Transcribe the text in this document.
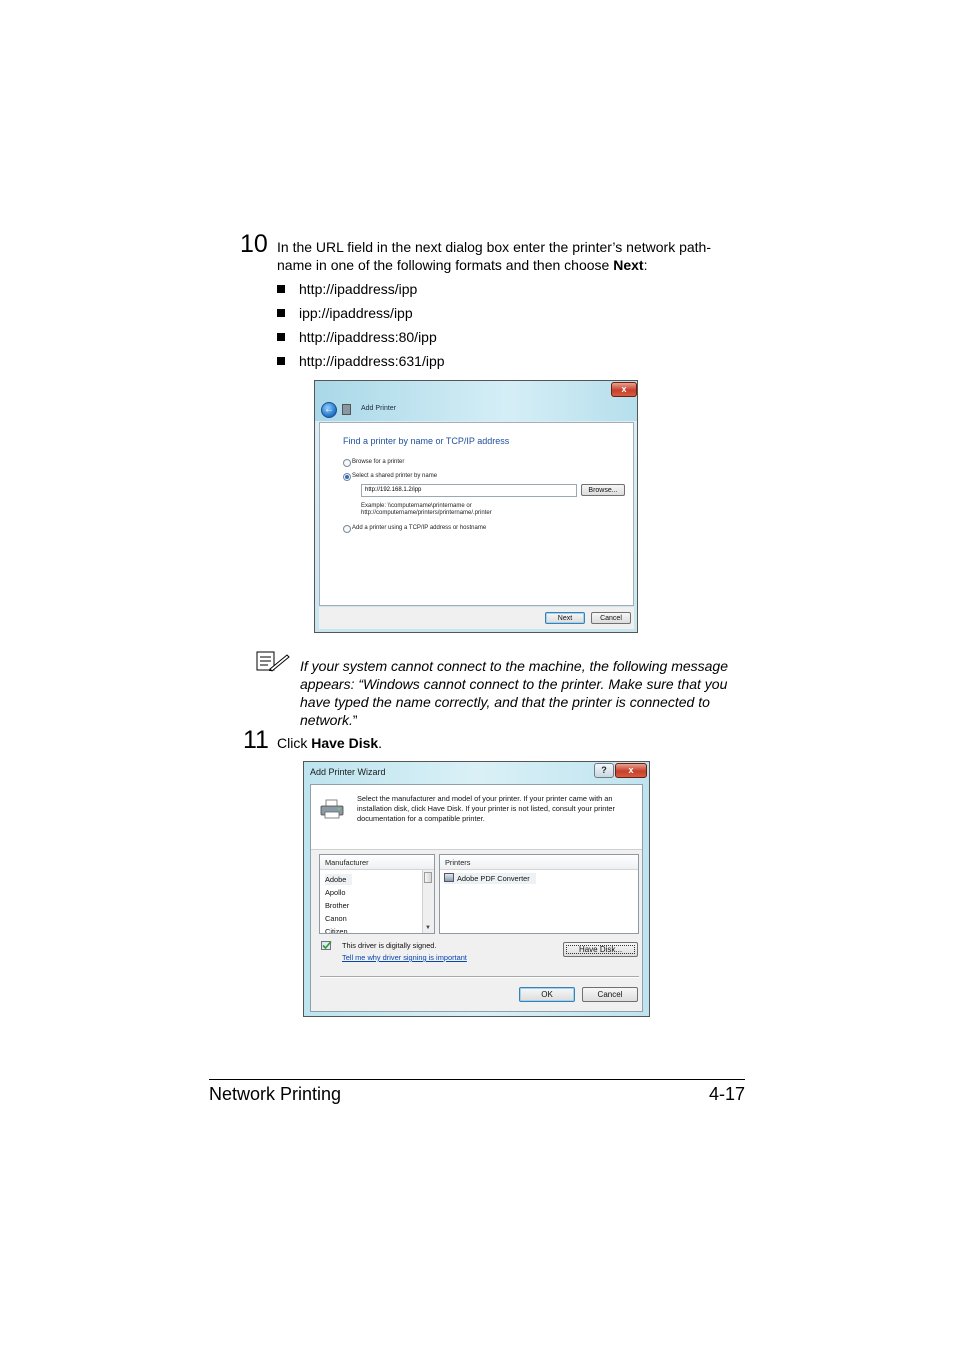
10 In the URL field in the next dialog box enter the printer’s network path-
name in one of the following formats and then choose Next:
http://ipaddress/ipp
ipp://ipaddress/ipp
http://ipaddress:80/ipp
http://ipaddress:631/ipp
x
←	Add Printer
Find a printer by name or TCP/IP address
Browse for a printer
Select a shared printer by name
http://192.168.1.2/ipp	Browse...
Example: \\computername\printername or
http://computername/printers/printername/.printer
Add a printer using a TCP/IP address or hostname
Next	Cancel
If your system cannot connect to the machine, the following message appears: “Windows cannot connect to the printer. Make sure that you have typed the name correctly, and that the printer is connected to network.”
11 Click Have Disk.
Add Printer Wizard	?	x
Select the manufacturer and model of your printer. If your printer came with an installation disk, click Have Disk. If your printer is not listed, consult your printer documentation for a compatible printer.
Manufacturer
Adobe
Apollo
Brother
Canon
Citizen	▼
Printers
Adobe PDF Converter
This driver is digitally signed.
Tell me why driver signing is important
Have Disk...
OK	Cancel
Network Printing	4-17
